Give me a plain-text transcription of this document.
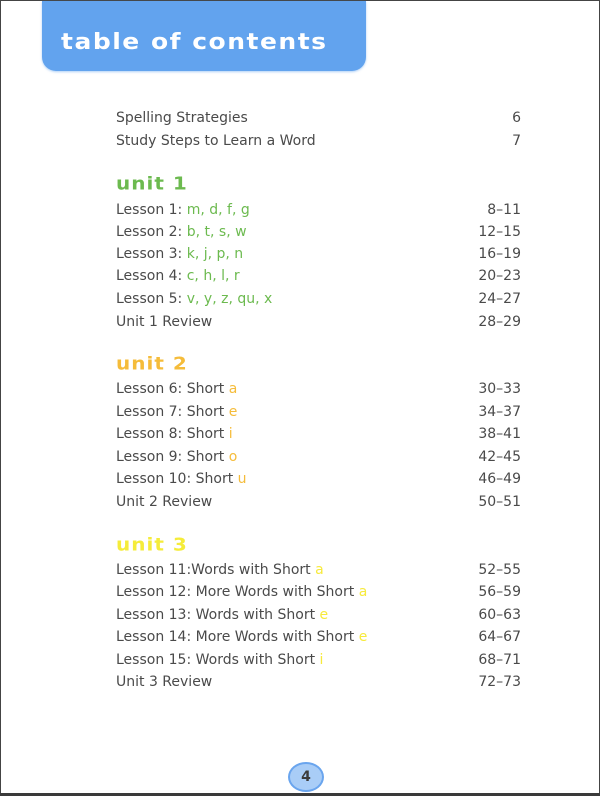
table of contents
Spelling Strategies	6
Study Steps to Learn a Word	7
unit 1
Lesson 1: m, d, f, g	8–11
Lesson 2: b, t, s, w	12–15
Lesson 3: k, j, p, n	16–19
Lesson 4: c, h, l, r	20–23
Lesson 5: v, y, z, qu, x	24–27
Unit 1 Review	28–29
unit 2
Lesson 6: Short a	30–33
Lesson 7: Short e	34–37
Lesson 8: Short i	38–41
Lesson 9: Short o	42–45
Lesson 10: Short u	46–49
Unit 2 Review	50–51
unit 3
Lesson 11:Words with Short a	52–55
Lesson 12: More Words with Short a	56–59
Lesson 13: Words with Short e	60–63
Lesson 14: More Words with Short e	64–67
Lesson 15: Words with Short i	68–71
Unit 3 Review	72–73
4
